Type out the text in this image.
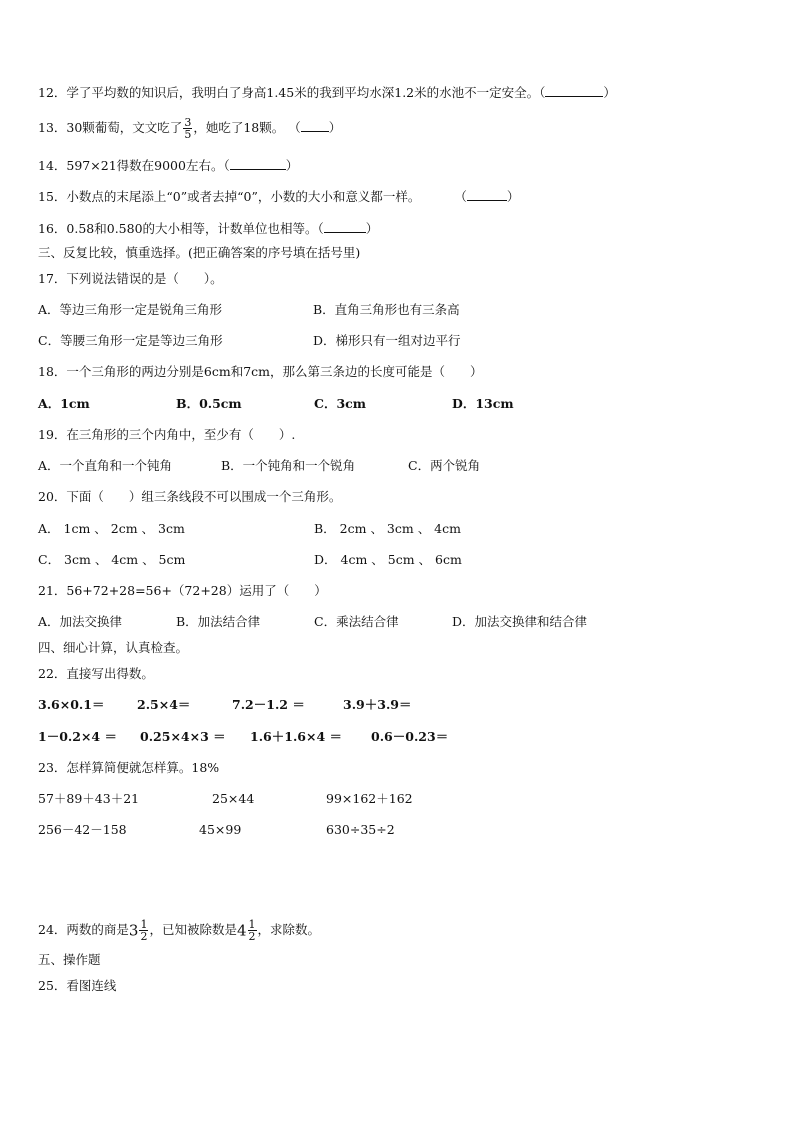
12．学了平均数的知识后，我明白了身高1.45米的我到平均水深1.2米的水池不一定安全。（	）
13．30颗葡萄，文文吃了 $\frac{3}{5}$ ，她吃了18颗。 （ ）
14．597×21得数在9000左右。（	）
15．小数点的末尾添上“0”或者去掉“0”，小数的大小和意义都一样。	（	）
16．0.58和0.580的大小相等，计数单位也相等。（	）
三、反复比较，慎重选择。(把正确答案的序号填在括号里)
17．下列说法错误的是（　　）。
A．等边三角形一定是锐角三角形	B．直角三角形也有三条高
C．等腰三角形一定是等边三角形	D．梯形只有一组对边平行
18．一个三角形的两边分别是6cm和7cm，那么第三条边的长度可能是（　　）
A．1cm	B．0.5cm	C．3cm	D．13cm
19．在三角形的三个内角中，至少有（　　）.
A．一个直角和一个钝角	B．一个钝角和一个锐角	C．两个锐角
20．下面（　　）组三条线段不可以围成一个三角形。
A． 1cm 、 2cm 、 3cm	B． 2cm 、 3cm 、 4cm
C． 3cm 、 4cm 、 5cm	D． 4cm 、 5cm 、 6cm
21．56+72+28=56+（72+28）运用了（　　）
A．加法交换律	B．加法结合律	C．乘法结合律	D．加法交换律和结合律
四、细心计算，认真检查。
22．直接写出得数。
3.6×0.1＝	2.5×4＝	7.2－1.2 ＝	3.9＋3.9＝
1－0.2×4 ＝ 0.25×4×3 ＝ 1.6＋1.6×4 ＝ 0.6－0.23＝
23．怎样算简便就怎样算。18%
57＋89＋43＋21	25×44	99×162＋162
256－42－158	45×99	630÷35÷2
24．两数的商是$3 \frac{1}{2}$ ，已知被除数是$4 \frac{1}{2}$ ，求除数。
五、操作题
25．看图连线
